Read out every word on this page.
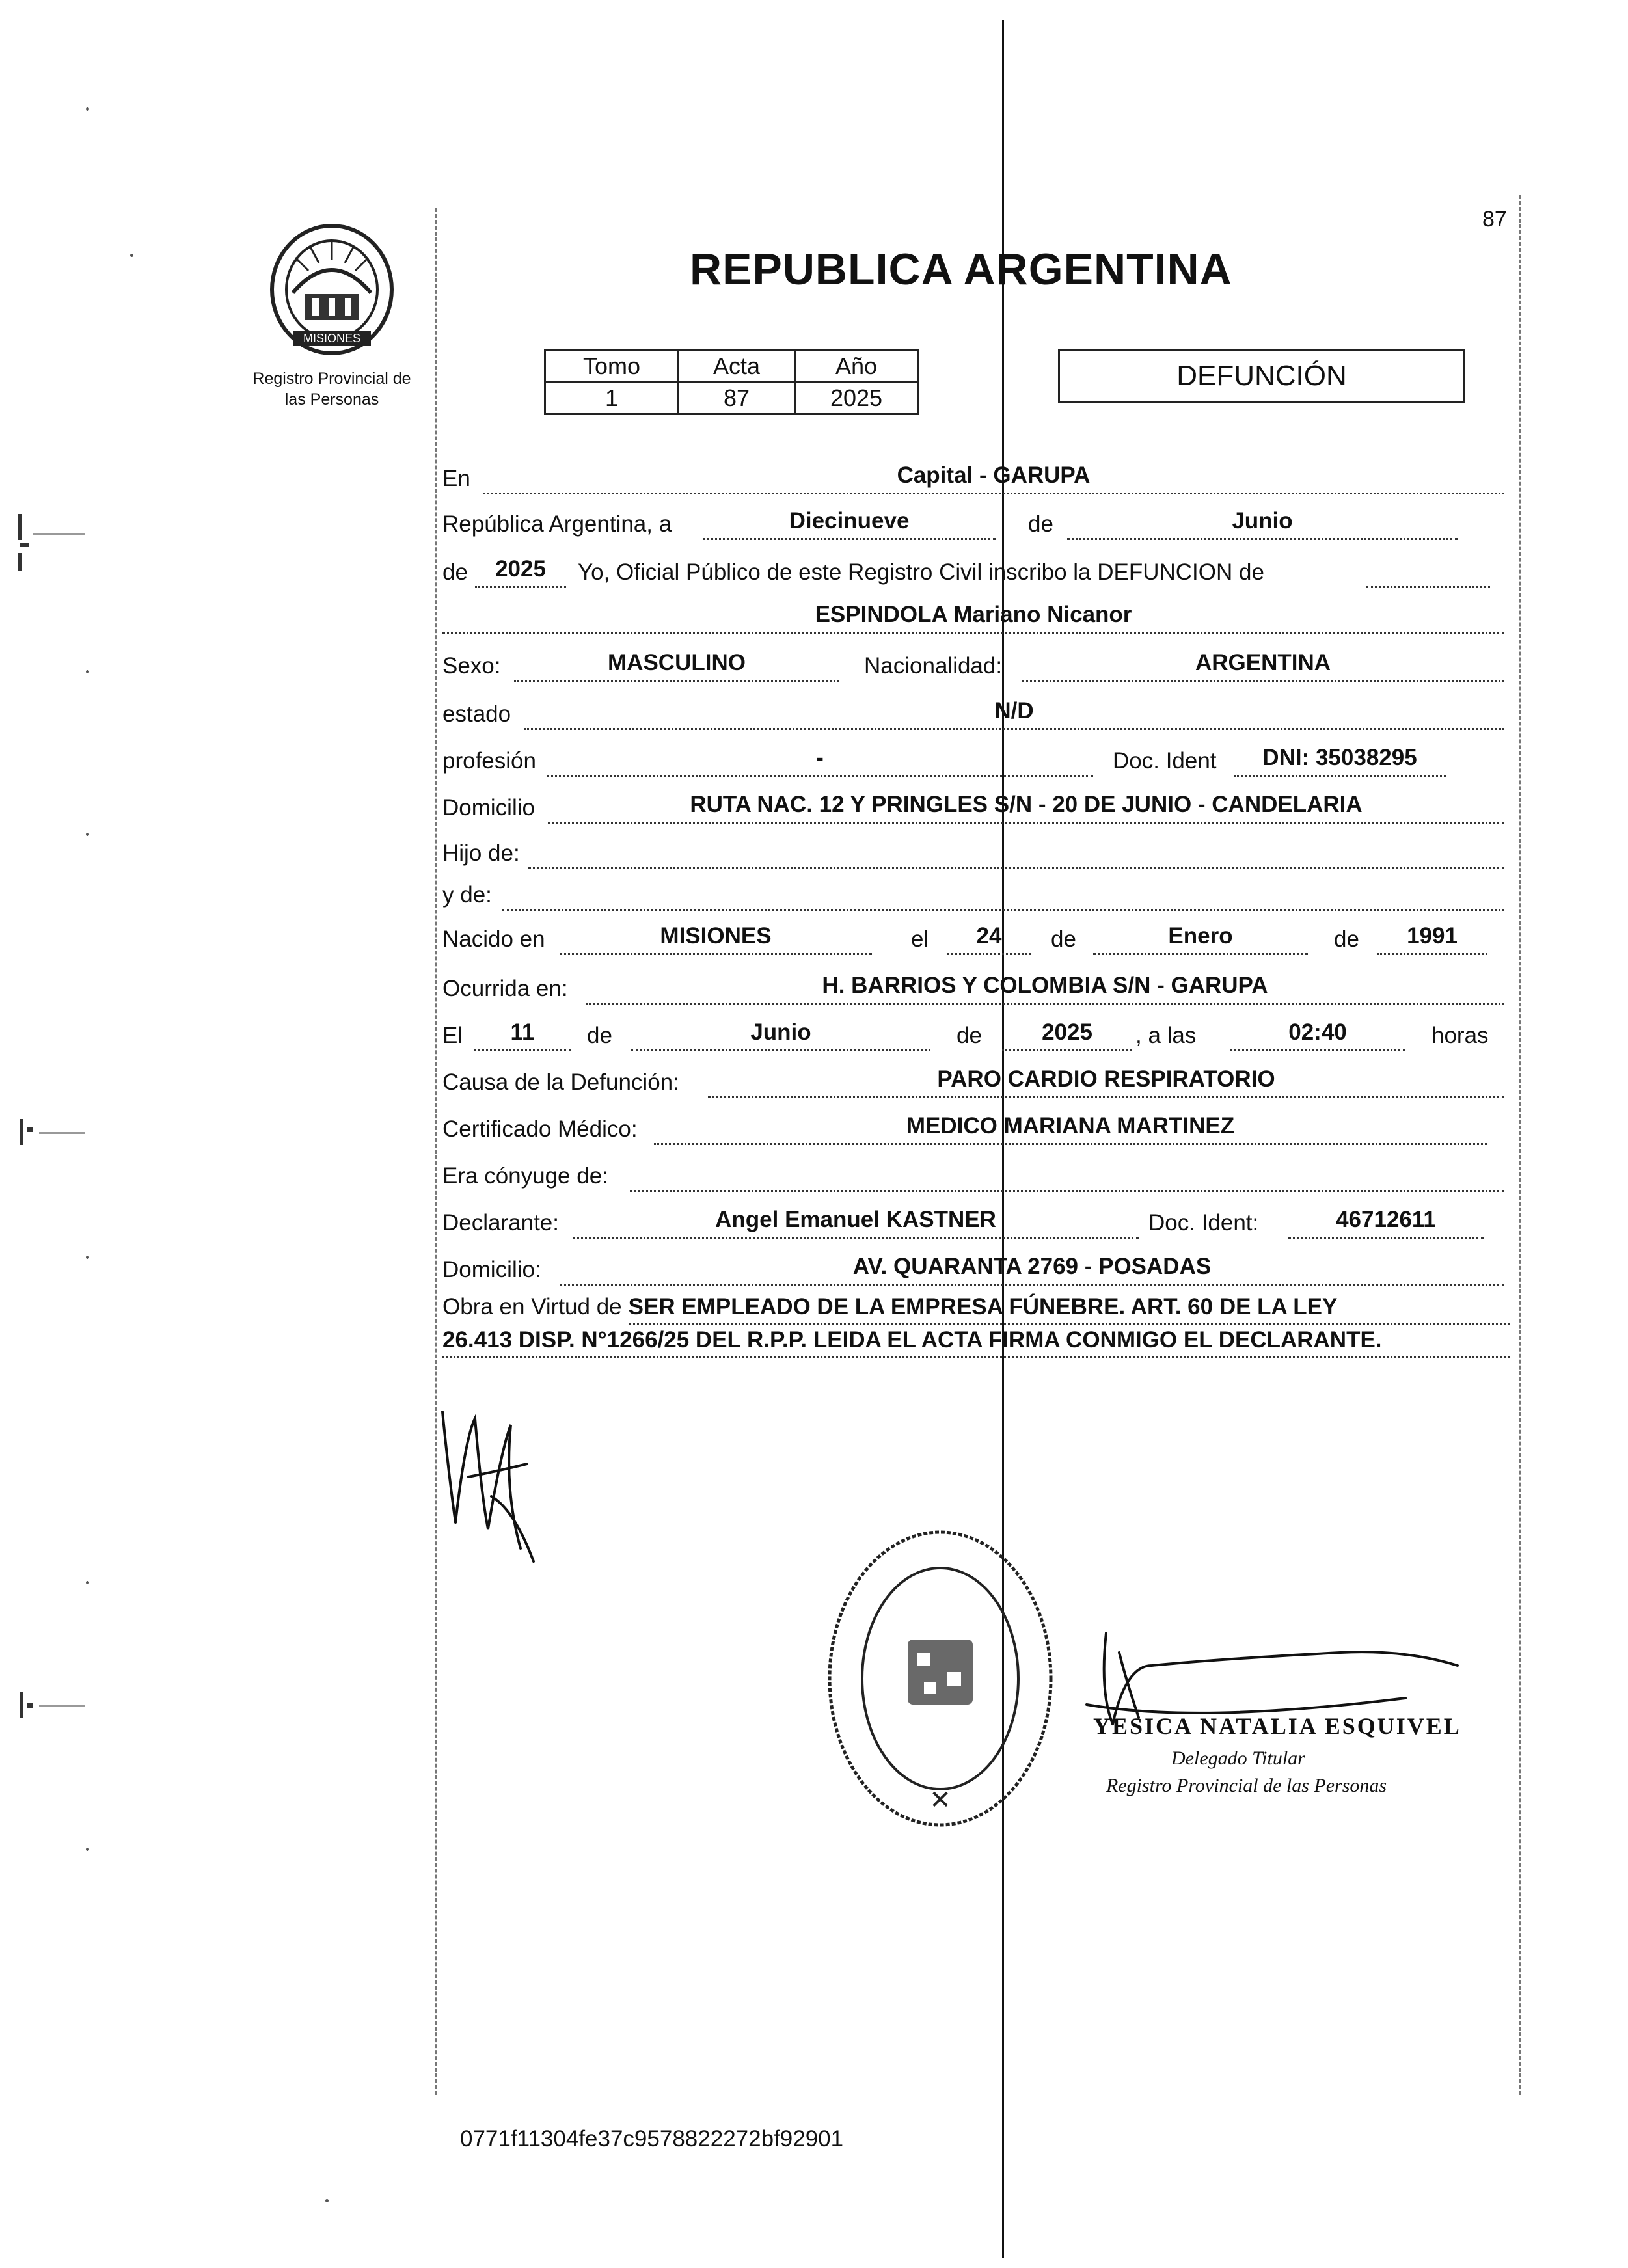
MISIONES
Registro Provincial de
las Personas
87
REPUBLICA ARGENTINA
Tomo	Acta	Año
1	87	2025
DEFUNCIÓN
En	Capital - GARUPA
República Argentina, a	Diecinueve	de	Junio
de	2025	Yo, Oficial Público de este Registro Civil inscribo la DEFUNCION de
ESPINDOLA Mariano Nicanor
Sexo:	MASCULINO	Nacionalidad:	ARGENTINA
estado	N/D
profesión	-	Doc. Ident	DNI: 35038295
Domicilio	RUTA NAC. 12 Y PRINGLES S/N - 20 DE JUNIO - CANDELARIA
Hijo de:
y de:
Nacido en	MISIONES	el	24	de	Enero	de	1991
Ocurrida en:	H. BARRIOS Y COLOMBIA S/N - GARUPA
El	11	de	Junio	de	2025	, a las	02:40	horas
Causa de la Defunción:	PARO CARDIO RESPIRATORIO
Certificado Médico:	MEDICO MARIANA MARTINEZ
Era cónyuge de:
Declarante:	Angel Emanuel KASTNER	Doc. Ident:	46712611
Domicilio:	AV. QUARANTA 2769 - POSADAS
Obra en Virtud de SER EMPLEADO DE LA EMPRESA FÚNEBRE. ART. 60 DE LA LEY
26.413 DISP. N°1266/25 DEL R.P.P. LEIDA EL ACTA FIRMA CONMIGO EL DECLARANTE.
✕
YESICA NATALIA ESQUIVEL
Delegado Titular
Registro Provincial de las Personas
0771f11304fe37c9578822272bf92901
